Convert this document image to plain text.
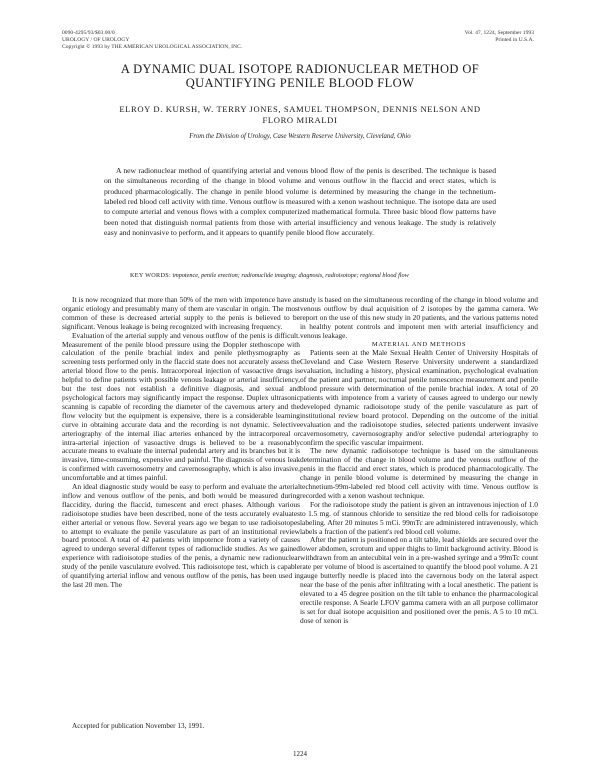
0090-4295/93/$03.00/0
UROLOGY / OF UROLOGY
Copyright © 1993 by THE AMERICAN UROLOGICAL ASSOCIATION, INC.
Vol. 47, 1224, September 1993
Printed in U.S.A.
A DYNAMIC DUAL ISOTOPE RADIONUCLEAR METHOD OF
QUANTIFYING PENILE BLOOD FLOW
ELROY D. KURSH, W. TERRY JONES, SAMUEL THOMPSON, DENNIS NELSON AND
FLORO MIRALDI
From the Division of Urology, Case Western Reserve University, Cleveland, Ohio
A new radionuclear method of quantifying arterial and venous blood flow of the penis is described. The technique is based on the simultaneous recording of the change in blood volume and venous outflow in the flaccid and erect states, which is produced pharmacologically. The change in penile blood volume is determined by measuring the change in the technetium-labeled red blood cell activity with time. Venous outflow is measured with a xenon washout technique. The isotope data are used to compute arterial and venous flows with a complex computerized mathematical formula. Three basic blood flow patterns have been noted that distinguish normal patients from those with arterial insufficiency and venous leakage. The study is relatively easy and noninvasive to perform, and it appears to quantify penile blood flow accurately.
KEY WORDS: impotence, penile erection; radionuclide imaging; diagnosis, radioisotope; regional blood flow

It is now recognized that more than 50% of the men with impotence have an organic etiology and presumably many of them are vascular in origin. The most common of these is decreased arterial supply to the penis is believed to be significant. Venous leakage is being recognized with increasing frequency.

Evaluation of the arterial supply and venous outflow of the penis is difficult. Measurement of the penile blood pressure using the Doppler stethoscope with calculation of the penile brachial index and penile plethysmography as screening tests performed only in the flaccid state does not accurately assess the arterial blood flow to the penis. Intracorporeal injection of vasoactive drugs is helpful to define patients with possible venous leakage or arterial insufficiency, but the test does not establish a definitive diagnosis, and sexual and psychological factors may significantly impact the response. Duplex ultrasonic scanning is capable of recording the diameter of the cavernous artery and the flow velocity but the equipment is expensive, there is a considerable learning curve in obtaining accurate data and the recording is not dynamic. Selective arteriography of the internal iliac arteries enhanced by the intracorporeal or intra-arterial injection of vasoactive drugs is believed to be a reasonably accurate means to evaluate the internal pudendal artery and its branches but it is invasive, time-consuming, expensive and painful. The diagnosis of venous leak is confirmed with cavernosometry and cavernosography, which is also invasive, uncomfortable and at times painful.

An ideal diagnostic study would be easy to perform and evaluate the arterial inflow and venous outflow of the penis, and both would be measured during flaccidity, during the flaccid, tumescent and erect phases. Although various radioisotope studies have been described, none of the tests accurately evaluates either arterial or venous flow. Several years ago we began to use radioisotopes to attempt to evaluate the penile vasculature as part of an institutional review board protocol. A total of 42 patients with impotence from a variety of causes agreed to undergo several different types of radionuclide studies. As we gained experience with radioisotope studies of the penis, a dynamic new radionuclear study of the penile vasculature evolved. This radioisotope test, which is capable of quantifying arterial inflow and venous outflow of the penis, has been used in the last 20 men. The

study is based on the simultaneous recording of the change in blood volume and venous outflow by dual acquisition of 2 isotopes by the gamma camera. We report on the use of this new study in 20 patients, and the various patterns noted in healthy potent controls and impotent men with arterial insufficiency and venous leakage.

MATERIAL AND METHODS

Patients seen at the Male Sexual Health Center of University Hospitals of Cleveland and Case Western Reserve University underwent a standardized evaluation, including a history, physical examination, psychological evaluation of the patient and partner, nocturnal penile tumescence measurement and penile blood pressure with determination of the penile brachial index. A total of 20 patients with impotence from a variety of causes agreed to undergo our newly developed dynamic radioisotope study of the penile vasculature as part of institutional review board protocol. Depending on the outcome of the initial evaluation and the radioisotope studies, selected patients underwent invasive cavernosometry, cavernosography and/or selective pudendal arteriography to confirm the specific vascular impairment.

The new dynamic radioisotope technique is based on the simultaneous determination of the change in blood volume and the venous outflow of the penis in the flaccid and erect states, which is produced pharmacologically. The change in penile blood volume is determined by measuring the change in technetium-99m-labeled red blood cell activity with time. Venous outflow is recorded with a xenon washout technique.

For the radioisotope study the patient is given an intravenous injection of 1.0 to 1.5 mg. of stannous chloride to sensitize the red blood cells for radioisotope labeling. After 20 minutes 5 mCi. 99mTc are administered intravenously, which labels a fraction of the patient's red blood cell volume.

After the patient is positioned on a tilt table, lead shields are secured over the lower abdomen, scrotum and upper thighs to limit background activity. Blood is withdrawn from an antecubital vein in a pre-washed syringe and a 99mTc count rate per volume of blood is ascertained to quantify the blood pool volume. A 21 gauge butterfly needle is placed into the cavernous body on the lateral aspect near the base of the penis after infiltrating with a local anesthetic. The patient is elevated to a 45 degree position on the tilt table to enhance the pharmacological erectile response. A Searle LFOV gamma camera with an all purpose collimator is set for dual isotope acquisition and positioned over the penis. A 5 to 10 mCi. dose of xenon is

Accepted for publication November 13, 1991.
1224
